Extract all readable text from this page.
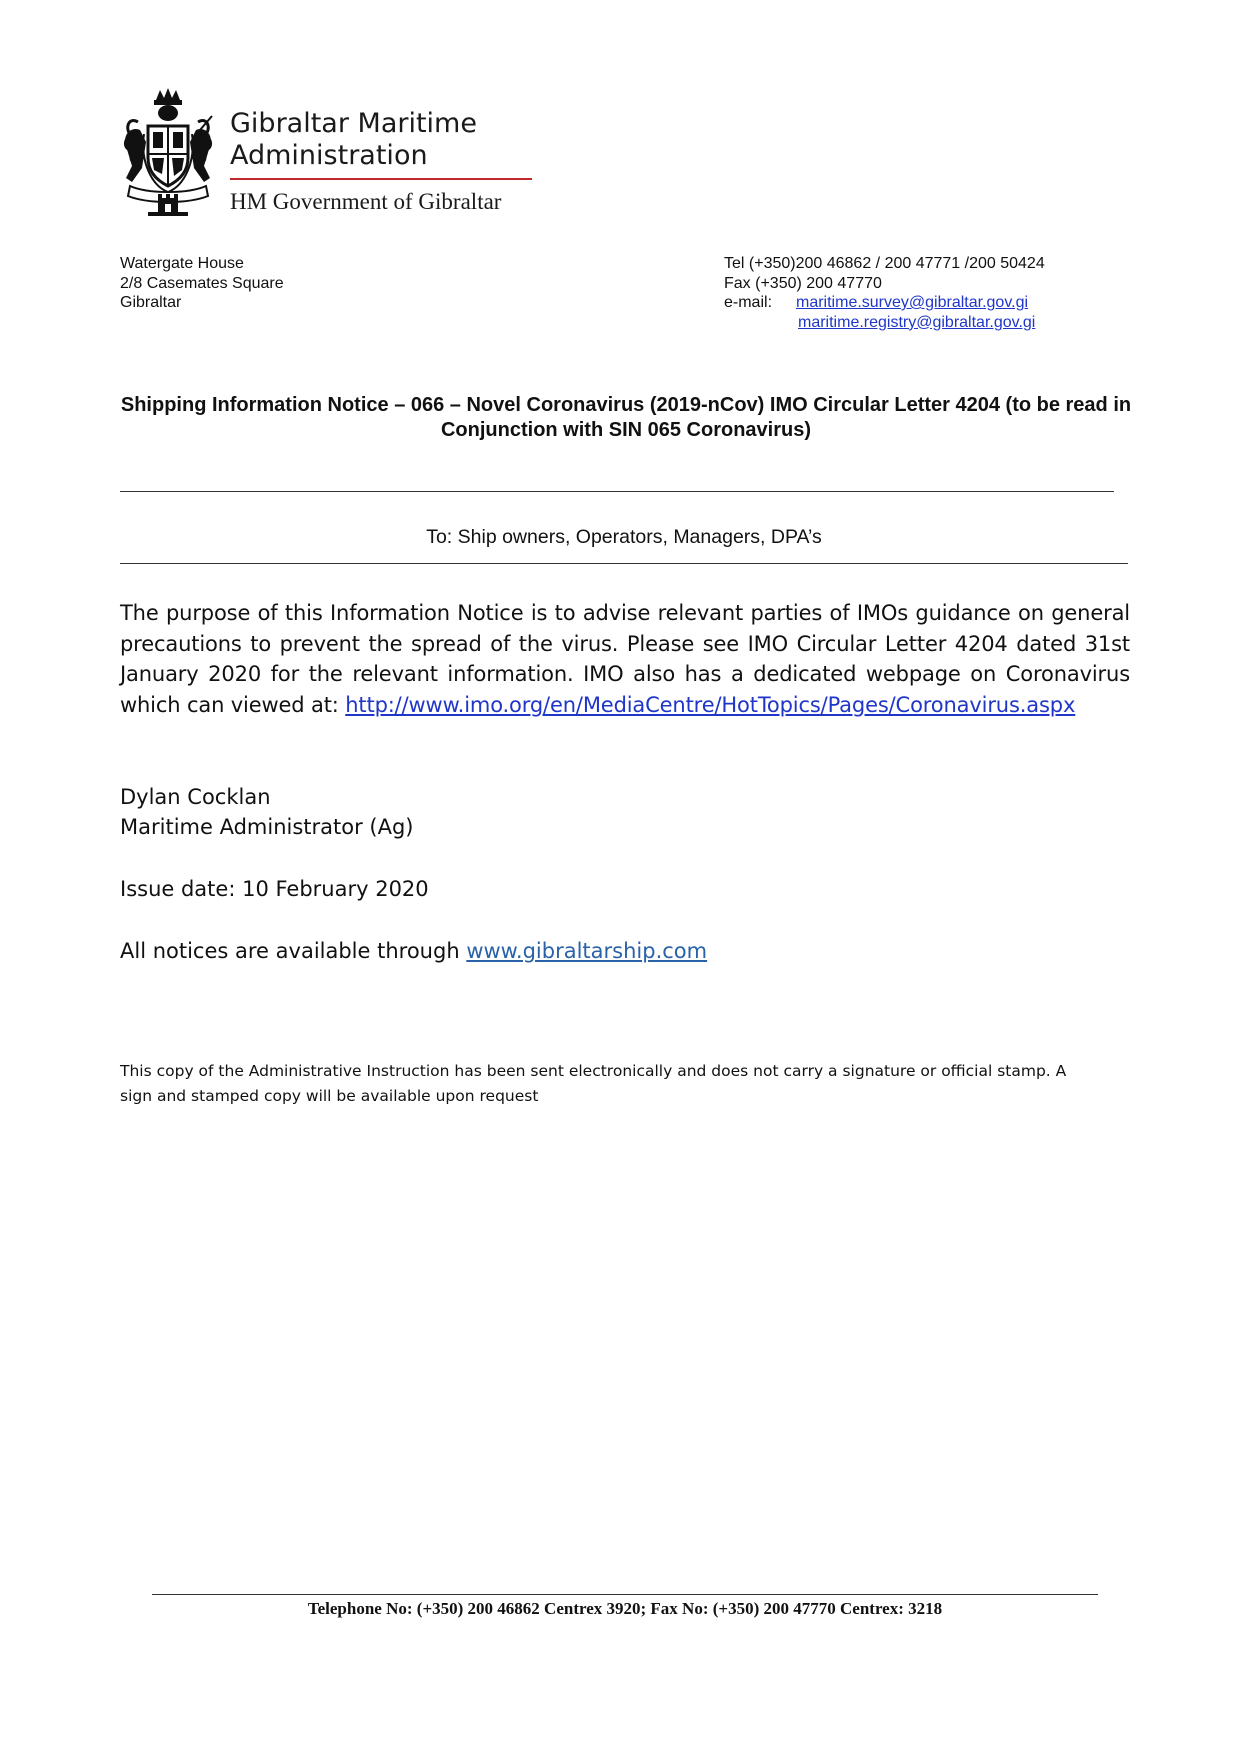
Gibraltar Maritime
Administration
HM Government of Gibraltar
Watergate House
2/8 Casemates Square
Gibraltar
Tel (+350)200 46862 / 200 47771 /200 50424
Fax (+350) 200 47770
e-mail:	maritime.survey@gibraltar.gov.gi
maritime.registry@gibraltar.gov.gi
Shipping Information Notice – 066 – Novel Coronavirus (2019-nCov) IMO Circular Letter 4204 (to be read in Conjunction with SIN 065 Coronavirus)
To: Ship owners, Operators, Managers, DPA’s
The purpose of this Information Notice is to advise relevant parties of IMOs guidance on general precautions to prevent the spread of the virus. Please see IMO Circular Letter 4204 dated 31st January 2020 for the relevant information. IMO also has a dedicated webpage on Coronavirus which can viewed at: http://www.imo.org/en/MediaCentre/HotTopics/Pages/Coronavirus.aspx
Dylan Cocklan
Maritime Administrator (Ag)
Issue date: 10 February 2020
All notices are available through www.gibraltarship.com
This copy of the Administrative Instruction has been sent electronically and does not carry a signature or official stamp. A sign and stamped copy will be available upon request
Telephone No: (+350) 200 46862 Centrex 3920; Fax No: (+350) 200 47770 Centrex: 3218
